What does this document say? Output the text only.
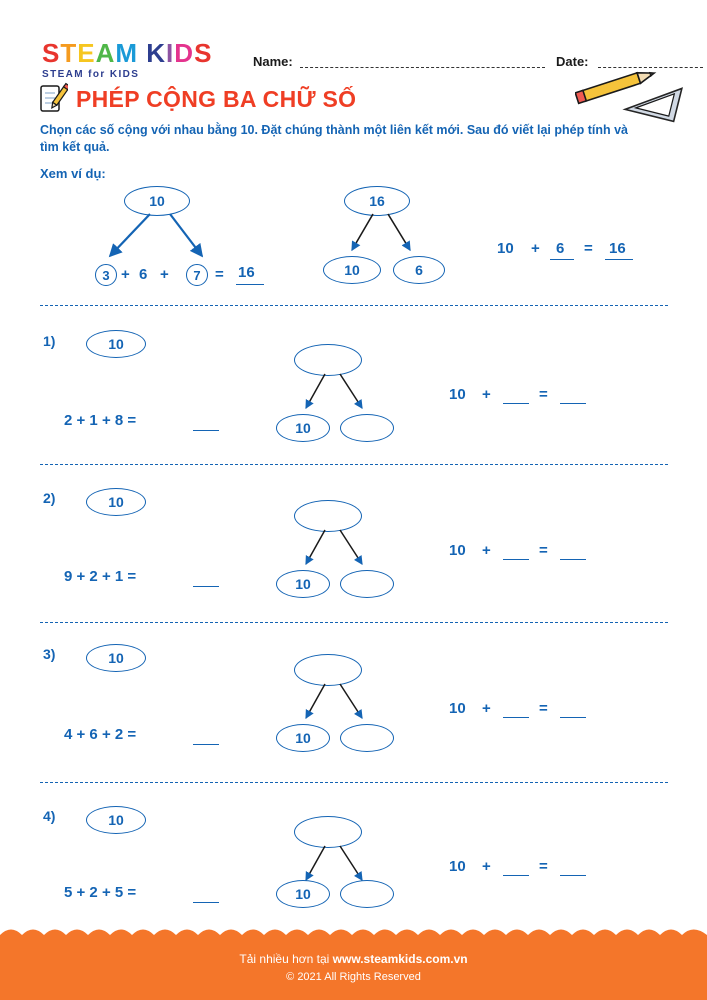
STEAM KIDS
STEAM for KIDS
Name:	Date:
PHÉP CỘNG BA CHỮ SỐ
Chọn các số cộng với nhau bằng 10. Đặt chúng thành một liên kết mới. Sau đó viết lại phép tính và tìm kết quả.
Xem ví dụ:
10
3 + 6 +	7 = 16
16
10	6
10 + 6 = 16
1)	10
2 + 1 + 8 =	10
10 +	=
2)	10
9 + 2 + 1 =	10
10 +	=
3)	10
4 + 6 + 2 =	10
10 +	=
4)	10
5 + 2 + 5 =	10
10 +	=
Tải nhiều hơn tại www.steamkids.com.vn
© 2021 All Rights Reserved
